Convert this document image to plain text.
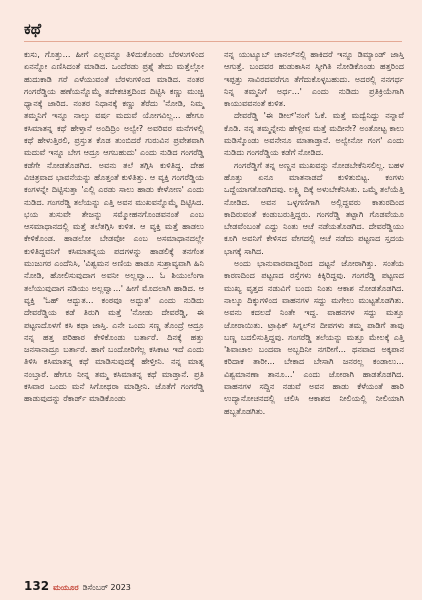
ಕಥೆ

ಕುಸು, ಗೊತ್ತು... ಹೀಗೆ ಎಲ್ಲವನ್ನೂ ತಿಳಿದುಕೊಂಡು ಬೆರಳುಗಳಿಂದ ಏನನ್ನೋ ಎಣಿಸಿದಂತೆ ಮಾಡಿದ. ಒಂದೆರಡು ಪ್ರಶ್ನೆ ತೇದು ಮತ್ತೆಲ್ಲೋ ಹುದುಕಾಡಿ ಗರೆ ಎಳೆಯುವಂತೆ ಬೆರಳುಗಳಿಂದ ಮಾಡಿದ. ನಂತರ ಗಂಗರೆಡ್ಡಿಯ ಹಣೆಯನ್ನೊಮ್ಮೆ ತದೇಕಚಿತ್ತದಿಂದ ದಿಟ್ಟಿಸಿ ಕಣ್ಣು ಮುಚ್ಚಿ ಧ್ಯಾನಕ್ಕೆ ಜಾರಿದ. ನಂತರ ನಿಧಾನಕ್ಕೆ ಕಣ್ಣು ತೆರೆದು 'ನೋಡಿ, ನಿಮ್ಮ ತಮ್ಮನಿಗೆ ಇನ್ನೂ ನಾಲ್ಕು ವರ್ಷ ಮದುವೆ ಯೋಗವಿಲ್ಲ... ಹೇಗೂ ಕಸಿಮಾತನ್ನ ಕಥೆ ಹೇಳ್ತಾನೆ ಅಂದಿದ್ರಿಂ ಅಲ್ವೇ? ಅವರಿವರ ಮನೆಗಳಲ್ಲಿ ಕಥೆ ಹೇಳುತ್ತಿರಲಿ, ಪ್ರಸ್ತುತ ಕೊಡ ತುಂಬಿದರೆ ಗುರುವಿನ ಪ್ರವೇಶವಾಗಿ ಮದುವೆ ಇನ್ನೂ ಬೇಗ ಆದ್ರೂ ಆಗಬಹುದು' ಎಂದು ನುಡಿದ ಗಂಗರೆಡ್ಡಿ ಕಡೆಗೇ ನೋಡತೊಡಗಿದ. ಅವನು ತಲೆ ತಗ್ಗಿಸಿ ಕುಳಿತಿದ್ದ. ದೇಹ ವಿಚಿತ್ರವಾದ ಭಾವನೆಯನ್ನು ಹೊತ್ತಂತೆ ಕುಳಿತಿತ್ತು. ಆ ವ್ಯಕ್ತಿ ಗಂಗರೆಡ್ಡಿಯ ಕಂಗಳನ್ನೇ ದಿಟ್ಟಿಸುತ್ತಾ 'ಎಲ್ಲಿ ಎರಡು ಸಾಲು ಹಾಡು ಕೇಳೋಣ' ಎಂದು ನುಡಿದ. ಗಂಗರೆಡ್ಡಿ ತಲೆಯನ್ನು ಎತ್ತಿ ಅವನ ಮುಖವನ್ನೊಮ್ಮೆ ದಿಟ್ಟಿಸಿದ. ಭಯ ತುಸುವೇ ತೇಜನ್ನು ಸಮ್ಮೋಹನಗೊಂಡವನಂತೆ ಎಂಬ ಆಸಮಾಧಾನದಲ್ಲಿ ಮತ್ತೆ ತಲೆತಗ್ಗಿಸಿ ಕುಳಿತ. ಆ ವ್ಯಕ್ತಿ ಮತ್ತೆ ಹಾಡಲು ಕೇಳಿಕೊಂಡ. ಹಾಡಲೋ ಬೇಡವೋ ಎಂಬ ಅಸಮಾಧಾನದಲ್ಲೇ ಕುಳಿತಿದ್ದವನಿಗೆ ಕಸಿಮಾತನ್ನಯ ಪದಗಳನ್ನು ಹಾಡಲಿಕ್ಕೆ ತನಗೆಂತ ಮುಜುಗರ ಎಂದೆನಿಸಿ, 'ವಿಶ್ವಮನ ಅಣಿಯ ಹಾಡೂ ಸುಶ್ರಾವ್ಯವಾಗಿ ಹಿನಿ ನೋಡಿ, ಹೋಲಿಸುವುದಾಗ ಅವನೀ ಅಲ್ಲವ್ವಾ... ಓ ಶಿಯುಲೆಂಗಾ ತಲೆಯುವುದಾಗ ನಡಿಯು ಅಲ್ಲವ್ವಾ...' ಹೀಗೆ ಮೊದಲಾಗಿ ಹಾಡಿದ. ಆ ವ್ಯಕ್ತಿ 'ಓಹ್ ಆದ್ಬುತ... ಕಂಠವೂ ಅದ್ಬುತ' ಎಂದು ನುಡಿದು ದೇವರೆಡ್ಡಿಯ ಕಡೆ ತಿರುಗಿ ಮತ್ತೆ 'ನೋಡು ದೇವರೆಡ್ಡಿ, ಈ ಪಟ್ಟಣದೊಳಗೆ ಕಸಿ ಕಥಾ ಜಾಸ್ತಿ. ಎನೇ ಒಂದು ಸಣ್ಣ ತೊಂದ್ರೆ ಆದ್ರೂ ನನ್ನ ಹತ್ತ ಪರಿಹಾರ ಕೇಳಿಕೊಂಡು ಬರ್ತಾರೆ. ದಿನಕ್ಕೆ ಹತ್ತು ಜನಸಾನಾದ್ರೂ ಬರ್ತಾರೆ. ಹಾಗೆ ಬಂದೋರಿಗೆಲ್ಲ ಕಸಿಕಾಟ ಇದೆ ಎಂದು ತಿಳಿಸಿ ಕಸಿಮಾತನ್ನ ಕಥೆ ಮಾಡಿಸುವುದಕ್ಕೆ ಹೇಳ್ತೀನಿ. ನನ್ನ ಮಾತ್ನ ನಂಬ್ತಾರೆ. ಹೇಗೂ ನೀನ್ನ ತಮ್ಮ ಕಸಿಮಾತನ್ನ ಕಥೆ ಮಾಡ್ತಾನೆ. ಪ್ರತಿ ಕಸಿವಾರ ಒಂದು ಮನೆ ಸಿಗೋಥರಾ ಮಾಡ್ತೀನಿ. ಜೊತೆಗೆ ಗಂಗರೆಡ್ಡಿ ಹಾಡುವುದನ್ನು ರೆಕಾರ್ಡ್ ಮಾಡಿಕೊಂಡು

ನನ್ನ ಯುಟ್ಯೂಬ್ ಚಾನಲ್‌ನಲ್ಲಿ ಹಾಕಿದರೆ ಇನ್ನೂ ಡಿಮ್ಯಾಂಡ್ ಜಾಸ್ತಿ ಆಗುತ್ತೆ. ಬಂದವರ ಹುಡುಕಾಸಿನ ಸ್ಕೀಗಿತಿ ನೋಡಿಕೊಂಡು ಹತ್ತರಿಂದ ಇಪ್ಪತ್ತು ಸಾವಿರದವರೆಗೂ ತೆಗೆದುಕೊಳ್ಳಬಹುದು. ಅದರಲ್ಲಿ ನನಗರ್ಧ ನಿನ್ನ ತಮ್ಮನಿಗೆ ಅರ್ಧ...' ಎಂದು ನುಡಿದು ಪ್ರತಿಕ್ರಿಯೆಗಾಗಿ ಕಾಯುವವನಂತೆ ಕುಳಿತ.

ದೇವರೆಡ್ಡಿ 'ಈ ಡೀಲ್'ನಂಗೆ ಓಕೆ. ಮತ್ತೆ ಮದ್ವೆನಿದ್ದು ನನ್ನಾವೆ ಕೊಡಿ. ನನ್ನ ತಮ್ಮನ್ನೇನು ಹೇಳ್ಲೀವ ಮತ್ತೆ ಮದೀನೇ? ಅಂತೋಟ್ಟ ಕಾಲು ಮಡಿಸ್ಕೊಂಡು ಅವನೇನೂ ಮಾತಾಡ್ತಾನೆ. ಅಲ್ವೇನೋ ಗಂಗ' ಎಂದು ನುಡಿದು ಗಂಗರೆಡ್ಡಿಯ ಕಡೆಗೆ ನೋಡಿದ.

ಗಂಗರೆಡ್ಡಿಗೆ ತನ್ನ ಅಣ್ಣನ ಮುಖವನ್ನು ನೋಡಬೇಕೆನಿಸಲಿಲ್ಲ. ಬಹಳ ಹೊತ್ತು ಏನೂ ಮಾತನಾಡದೆ ಕುಳಿತುಬಿಟ್ಟ. ಕಂಗಳು ಒದ್ದೆಯಾಗತೊಡಗಿದವು. ಲಕ್ಷ್ಮಿ ದಿಕ್ಕೆ ಅಳುಬೇಕೆನಿಸಿತು. ಒಮ್ಮೆ ತಲೆಯೆತ್ತಿ ನೋಡಿದ. ಅವನ ಒಳ್ಳಗಣಿಗಾಗಿ ಅಲ್ಲಿದ್ದವರು ಕಾತುರದಿಂದ ಕಾದಿರುವಂತೆ ಕಂಡುಬರುತ್ತಿದ್ದರು. ಗಂಗರೆಡ್ಡಿ ತಟ್ಟಾಗಿ ಗೊಡವೆಯೂ ಬೇಡವೆಂಬಂತೆ ಎದ್ದು ನಿಂತು ಆಚೆ ನಡೆಯತೊಡಗಿದ. ದೇವರೆಡ್ಡಿಯು ಕೂಗಿ ಅವನಿಗೆ ಕೇಳಿಸದ ವೇಗದಲ್ಲಿ ಆಚೆ ನಡೆದು ಪಟ್ಟಣದ ಸ್ತದಯ ಭಾಗಕ್ಕೆ ಸಾಗಿದ.

ಅಂದು ಭಾನುವಾರವಾದ್ದರಿಂದ ದಟ್ಟನೆ ಜೋರಾಗಿತ್ತು. ಸಂತೆಯ ಕಾರಣದಿಂದ ಪಟ್ಟಣದ ರಸ್ತೆಗಳು ಕಿಕ್ಕಿರಿದ್ದವು. ಗಂಗರೆಡ್ಡಿ ಪಟ್ಟಣದ ಮುಖ್ಯ ವೃತ್ತದ ನಡುವಿಗೆ ಬಂದು ನಿಂತು ಆಕಾಶ ನೋಡತೊಡಗಿದ. ನಾಲ್ಕೂ ದಿಕ್ಕುಗಳಿಂದ ವಾಹನಗಳ ಸದ್ದು ಮಗೇಲು ಮುಟ್ಟತೊಡಗಿತು. ಅವನು ಕದಲದೆ ನಿಂತೇ ಇದ್ದ. ವಾಹನಗಳ ಸದ್ದು ಮತ್ತೂ ಜೋರಾಯಿತು. ಟ್ರಾಫಿಕ್ ಸಿಗ್ನಲ್‌ನ ದೀಪಗಳು ತಮ್ಮ ಪಾಡಿಗೆ ತಾವು ಬಣ್ಣ ಬದಲಿಸುತ್ತಿದ್ದವು. ಗಂಗರೆಡ್ಡಿ ತಲೆಯನ್ನು ಮತ್ತೂ ಮೇಲಕ್ಕೆ ಎತ್ತಿ 'ಶಿವಾಚಾಲ ಬಂದವಾ ಅಬ್ಬದಿನೀ ನಗರೀಗೆ... ಥನವಾದ ಅಕ್ಕಪಾನ ಕರಿದಾಕ ತಾರೀ... ಬೇಕಾದ ಬೇಸಾಗಿ ಜನರಲ್ಲ ಕಂಡಾಲು... ವಿಶ್ವಮಾನಣಾ ತಾನೂ...' ಎಂದು ಜೋರಾಗಿ ಹಾಡತೊಡಗಿದ. ವಾಹನಗಳ ಸದ್ದಿನ ನಡುವೆ ಅವನ ಹಾಡು ಕೆಳೆಯಂತೆ ಹಾರಿ ಉದ್ಯಾನೋಚನದಲ್ಲಿ ಚಲಿಸಿ ಆಕಾಶದ ನೀಲಿಯಲ್ಲಿ ನೀಲಿಯಾಗಿ ಹಬ್ಬತೊಡಗಿತು.

132 ಮಯೂರ ಡಿಸೆಂಬರ್ 2023
